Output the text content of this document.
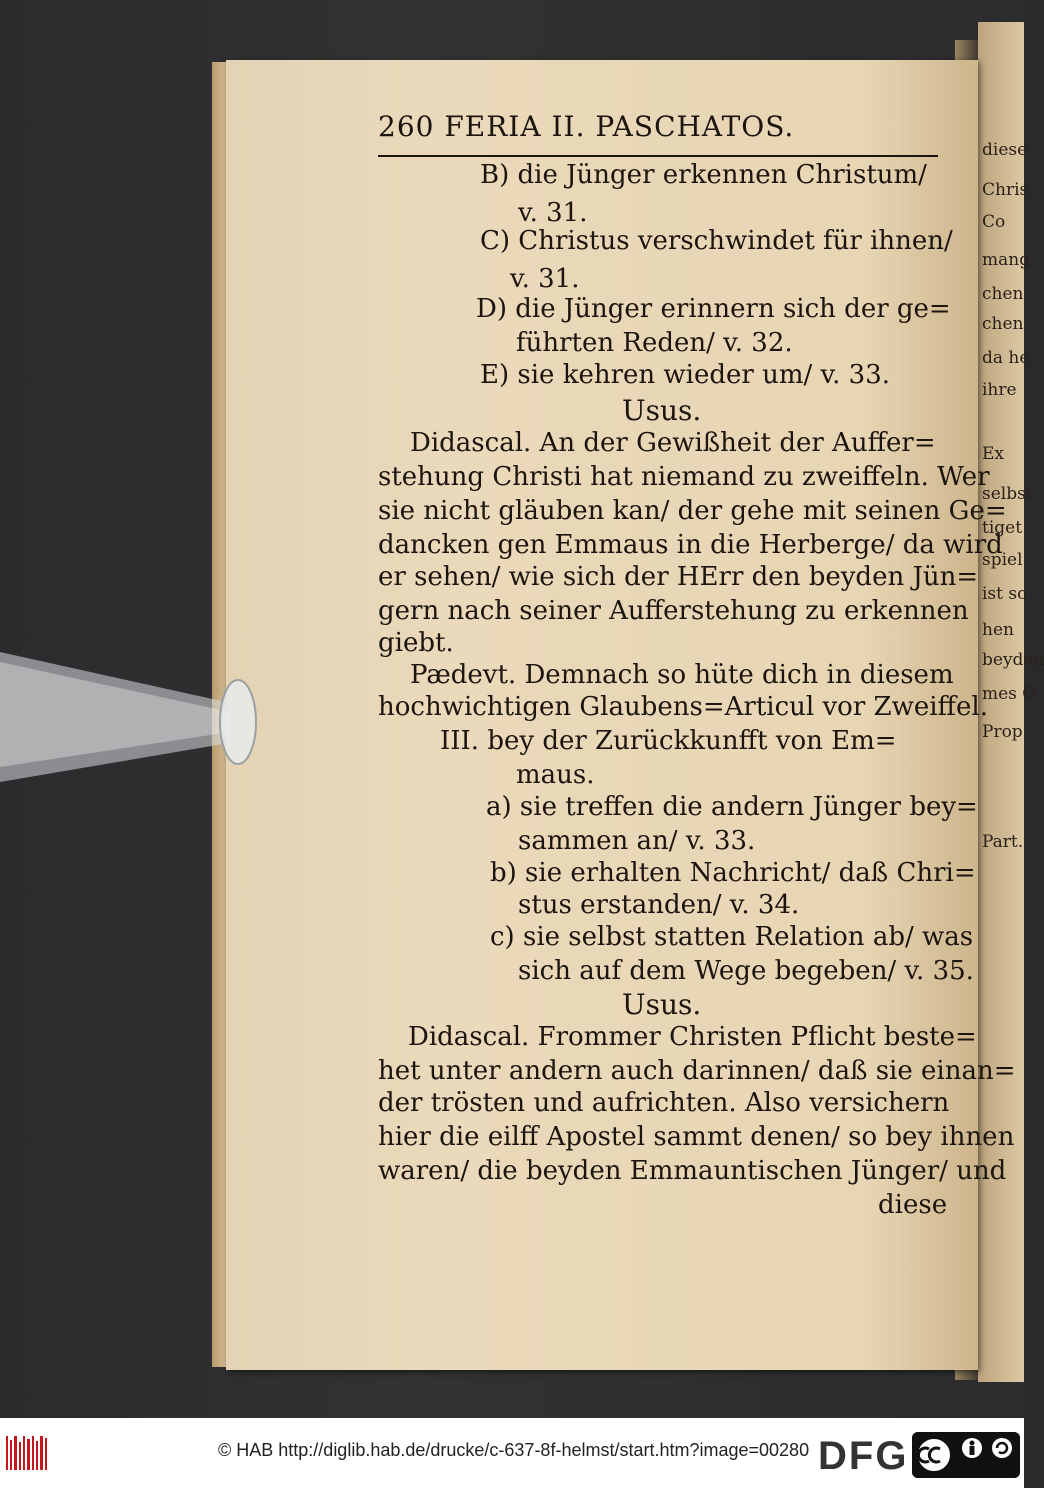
diese
Chris
Co
mang
chen
chen
da he
ihre
Ex
selbst
tiget
spiel
ist so
hen
beyden
mes O
Prop.
Part.
260 FERIA II. PASCHATOS.
B) die Jünger erkennen Christum/
v. 31.
C) Christus verschwindet für ihnen/
v. 31.
D) die Jünger erinnern sich der ge=
führten Reden/ v. 32.
E) sie kehren wieder um/ v. 33.
Usus.
Didascal. An der Gewißheit der Auffer=
stehung Christi hat niemand zu zweiffeln. Wer
sie nicht gläuben kan/ der gehe mit seinen Ge=
dancken gen Emmaus in die Herberge/ da wird
er sehen/ wie sich der HErr den beyden Jün=
gern nach seiner Aufferstehung zu erkennen
giebt.
Pædevt. Demnach so hüte dich in diesem
hochwichtigen Glaubens=Articul vor Zweiffel.
III. bey der Zurückkunfft von Em=
maus.
a) sie treffen die andern Jünger bey=
sammen an/ v. 33.
b) sie erhalten Nachricht/ daß Chri=
stus erstanden/ v. 34.
c) sie selbst statten Relation ab/ was
sich auf dem Wege begeben/ v. 35.
Usus.
Didascal. Frommer Christen Pflicht beste=
het unter andern auch darinnen/ daß sie einan=
der trösten und aufrichten. Also versichern
hier die eilff Apostel sammt denen/ so bey ihnen
waren/ die beyden Emmauntischen Jünger/ und
diese
© HAB http://diglib.hab.de/drucke/c-637-8f-helmst/start.htm?image=00280 DFG
